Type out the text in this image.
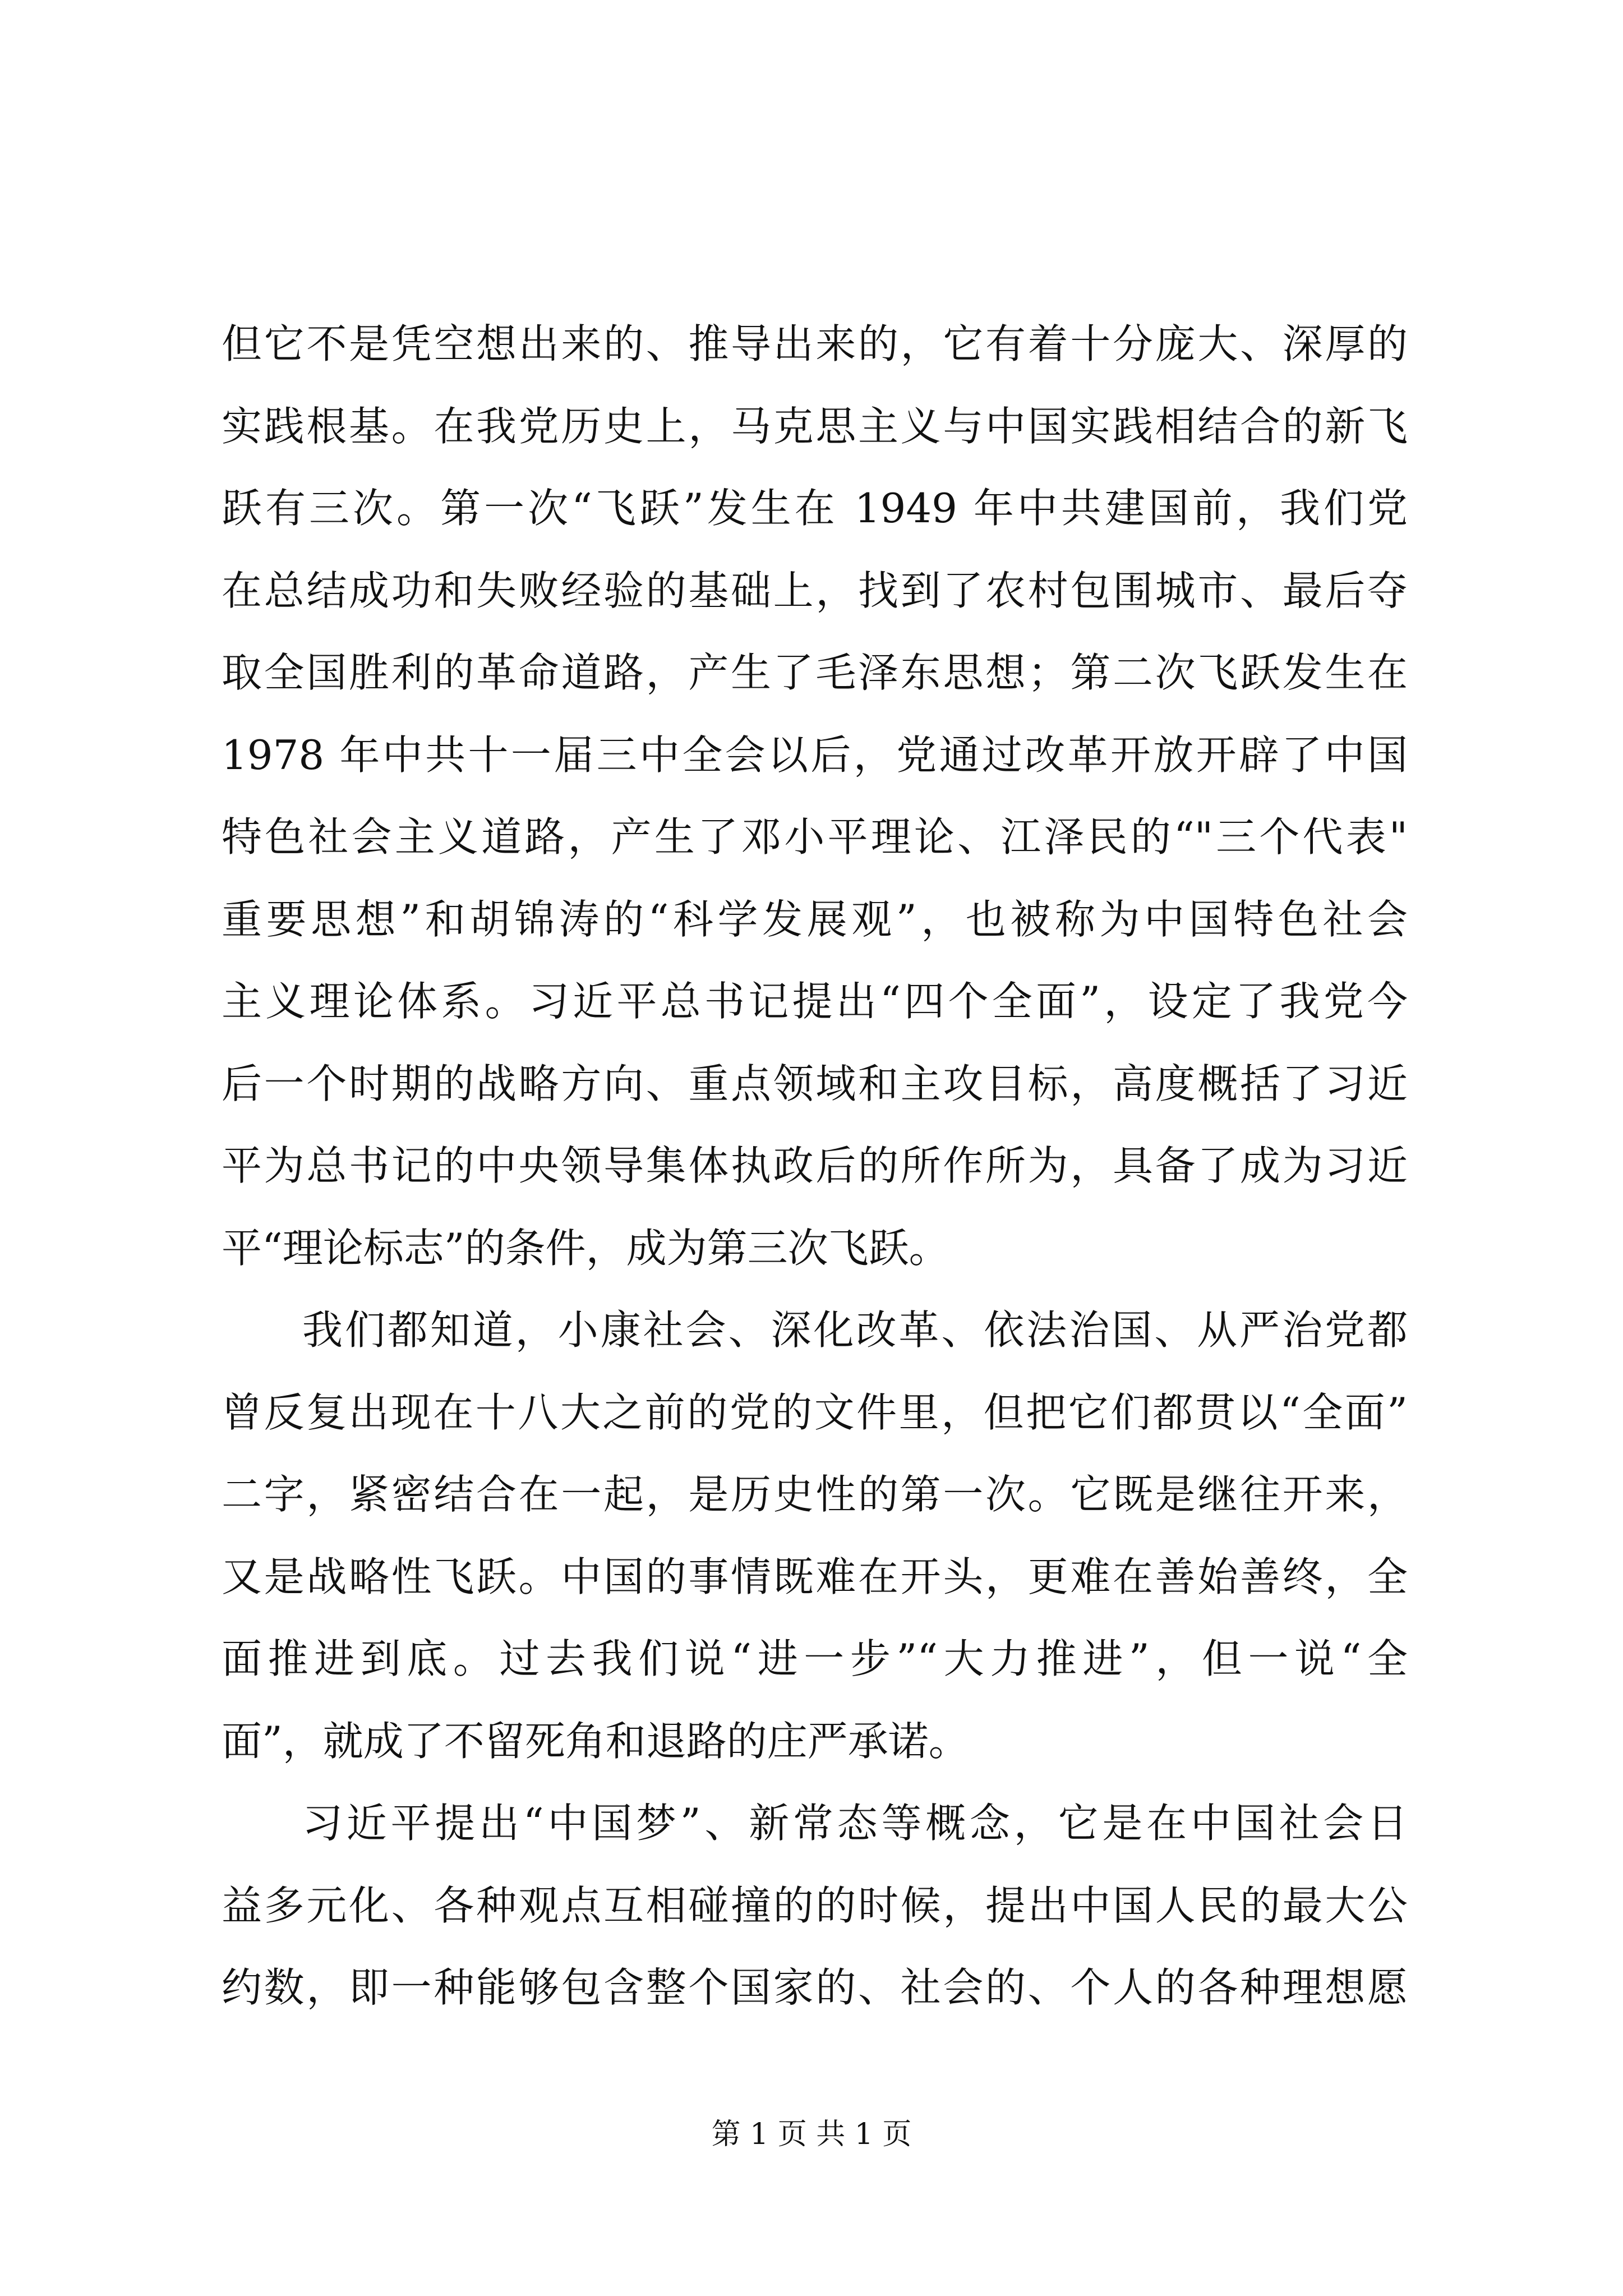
但它不是凭空想出来的、推导出来的，它有着十分庞大、深厚的
实践根基。在我党历史上，马克思主义与中国实践相结合的新飞
跃有三次。第一次“飞跃”发生在 1949 年中共建国前，我们党
在总结成功和失败经验的基础上，找到了农村包围城市、最后夺
取全国胜利的革命道路，产生了毛泽东思想；第二次飞跃发生在
1978 年中共十一届三中全会以后，党通过改革开放开辟了中国
特色社会主义道路，产生了邓小平理论、江泽民的“"三个代表"
重要思想”和胡锦涛的“科学发展观”，也被称为中国特色社会
主义理论体系。习近平总书记提出“四个全面”，设定了我党今
后一个时期的战略方向、重点领域和主攻目标，高度概括了习近
平为总书记的中央领导集体执政后的所作所为，具备了成为习近
平“理论标志”的条件，成为第三次飞跃。
我们都知道，小康社会、深化改革、依法治国、从严治党都
曾反复出现在十八大之前的党的文件里，但把它们都贯以“全面”
二字，紧密结合在一起，是历史性的第一次。它既是继往开来，
又是战略性飞跃。中国的事情既难在开头，更难在善始善终，全
面推进到底。过去我们说“进一步”“大力推进”，但一说“全
面”，就成了不留死角和退路的庄严承诺。
习近平提出“中国梦”、新常态等概念，它是在中国社会日
益多元化、各种观点互相碰撞的的时候，提出中国人民的最大公
约数，即一种能够包含整个国家的、社会的、个人的各种理想愿
第 1 页 共 1 页
